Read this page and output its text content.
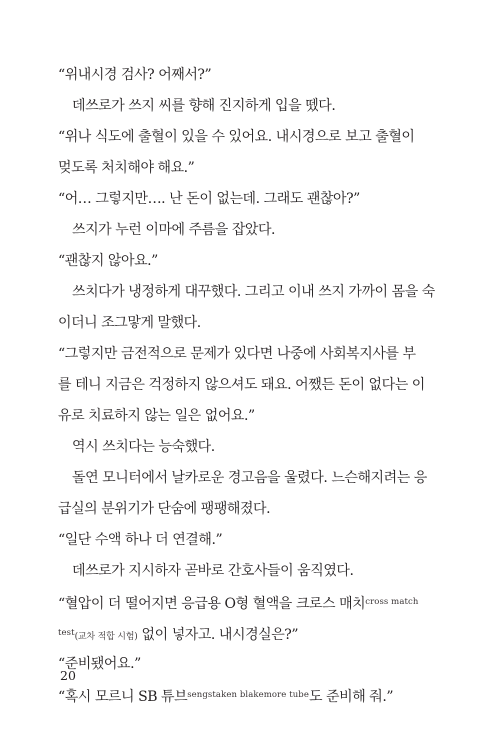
“위내시경 검사? 어째서?”
데쓰로가 쓰지 씨를 향해 진지하게 입을 뗐다.
“위나 식도에 출혈이 있을 수 있어요. 내시경으로 보고 출혈이
멎도록 처치해야 해요.”
“어… 그렇지만…. 난 돈이 없는데. 그래도 괜찮아?”
쓰지가 누런 이마에 주름을 잡았다.
“괜찮지 않아요.”
쓰치다가 냉정하게 대꾸했다. 그리고 이내 쓰지 가까이 몸을 숙
이더니 조그맣게 말했다.
“그렇지만 금전적으로 문제가 있다면 나중에 사회복지사를 부
를 테니 지금은 걱정하지 않으셔도 돼요. 어쨌든 돈이 없다는 이
유로 치료하지 않는 일은 없어요.”
역시 쓰치다는 능숙했다.
돌연 모니터에서 날카로운 경고음을 울렸다. 느슨해지려는 응
급실의 분위기가 단숨에 팽팽해졌다.
“일단 수액 하나 더 연결해.”
데쓰로가 지시하자 곧바로 간호사들이 움직였다.
“혈압이 더 떨어지면 응급용 O형 혈액을 크로스 매치$^{cross match}$
$^{test}$(교차 적합 시험) 없이 넣자고. 내시경실은?”
“준비됐어요.”
“혹시 모르니 SB 튜브$^{sengstaken blakemore tube}$도 준비해 줘.”
20
